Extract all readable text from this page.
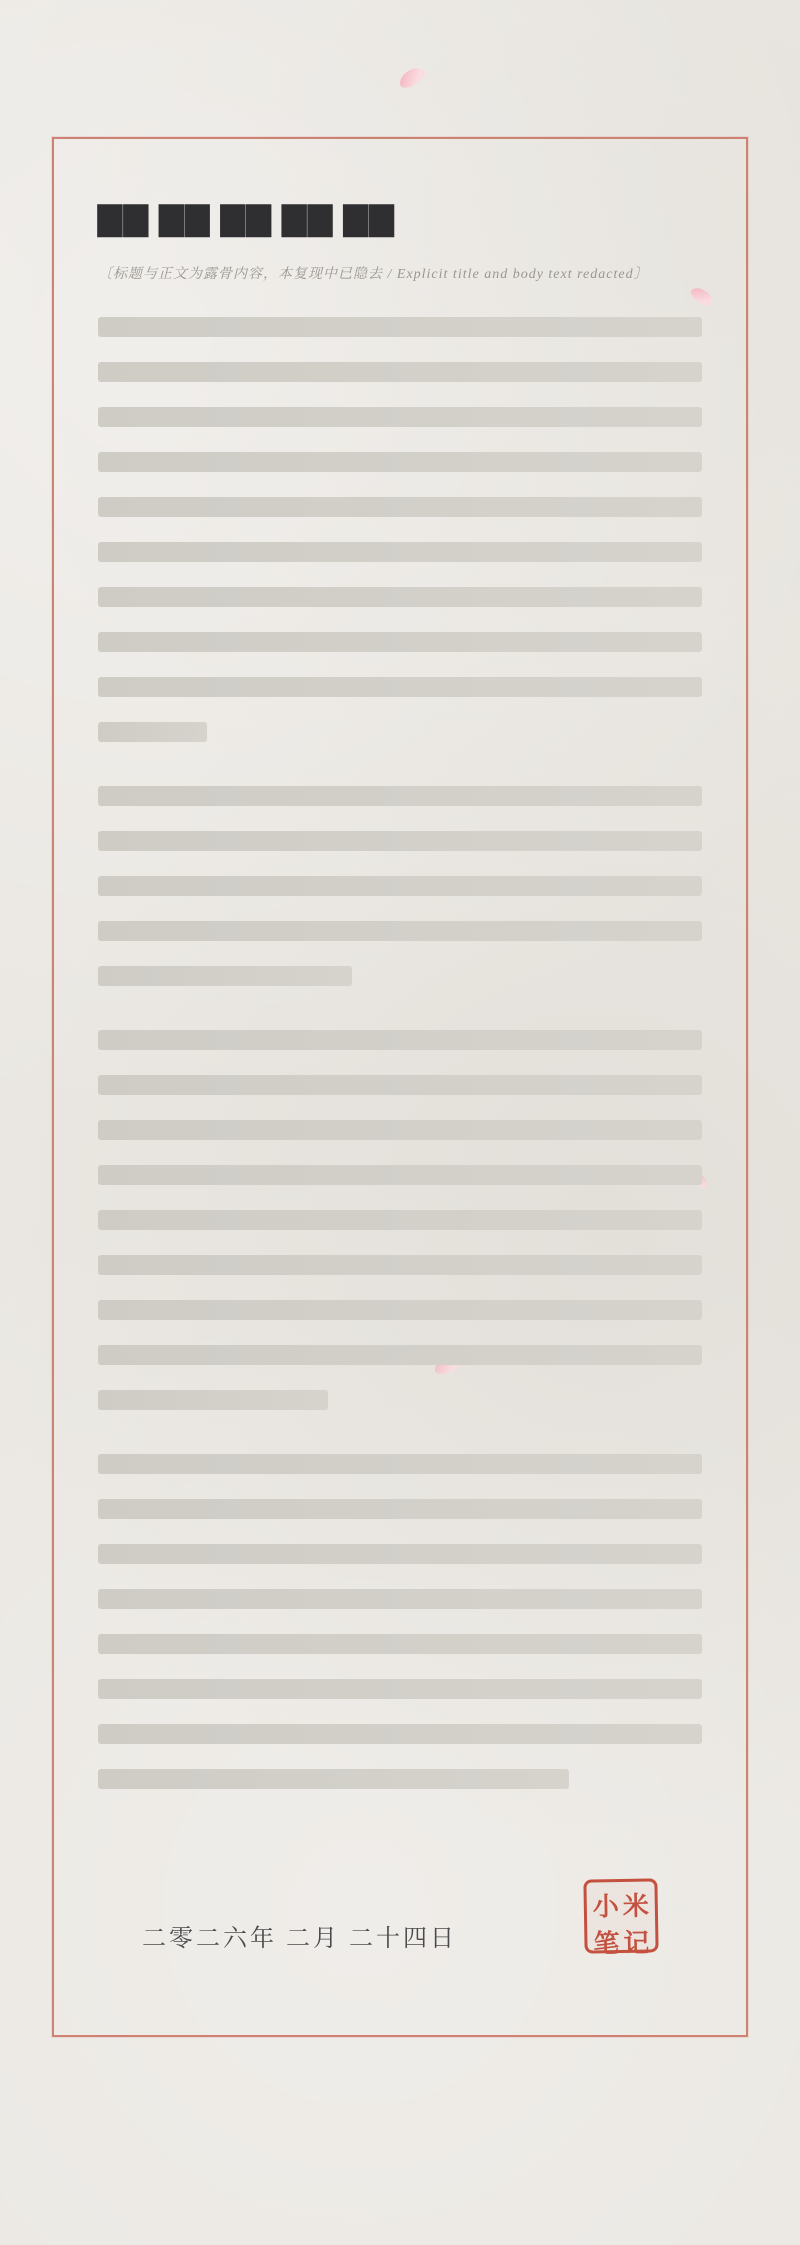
▇▇ ▇▇ ▇▇ ▇▇ ▇▇
〔标题与正文为露骨内容，本复现中已隐去 / Explicit title and body text redacted〕
二零二六年 二月 二十四日
小 米
笔 记
